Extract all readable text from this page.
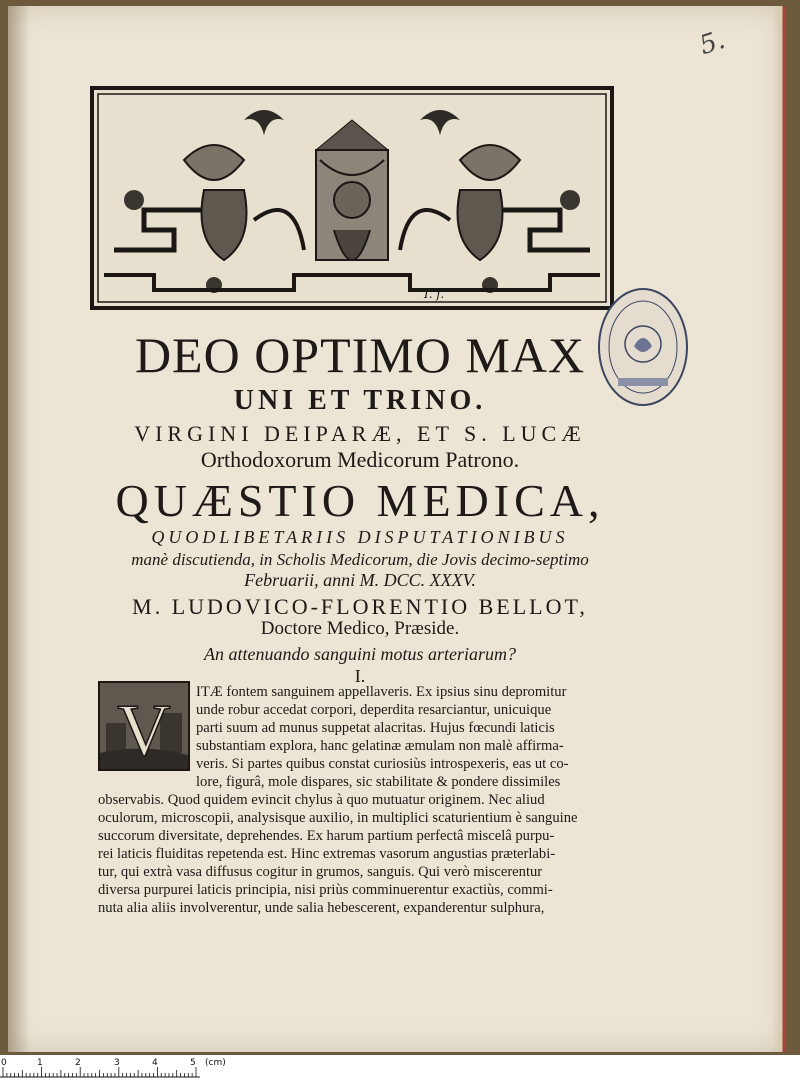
5.
I. f.
DEO OPTIMO MAX
UNI ET TRINO.
VIRGINI DEIPARÆ, ET S. LUCÆ
Orthodoxorum Medicorum Patrono.
QUÆSTIO MEDICA,
QUODLIBETARIIS DISPUTATIONIBUS
manè discutienda, in Scholis Medicorum, die Jovis decimo-septimo
Februarii, anni M. DCC. XXXV.
M. LUDOVICO-FLORENTIO BELLOT,
Doctore Medico, Præside.
An attenuando sanguini motus arteriarum?
I.
V ITÆ fontem sanguinem appellaveris. Ex ipsius sinu depromitur
unde robur accedat corpori, deperdita resarciantur, unicuique
parti suum ad munus suppetat alacritas. Hujus fœcundi laticis
substantiam explora, hanc gelatinæ æmulam non malè affirma-
veris. Si partes quibus constat curiosiùs introspexeris, eas ut co-
lore, figurâ, mole dispares, sic stabilitate & pondere dissimiles
observabis. Quod quidem evincit chylus à quo mutuatur originem. Nec aliud
oculorum, microscopii, analysisque auxilio, in multiplici scaturientium è sanguine
succorum diversitate, deprehendes. Ex harum partium perfectâ miscelâ purpu-
rei laticis fluiditas repetenda est. Hinc extremas vasorum angustias præterlabi-
tur, qui extrà vasa diffusus cogitur in grumos, sanguis. Qui verò miscerentur
diversa purpurei laticis principia, nisi priùs comminuerentur exactiùs, commi-
nuta alia aliis involverentur, unde salia hebescerent, expanderentur sulphura,
0	1	2	3	4	5 (cm)
